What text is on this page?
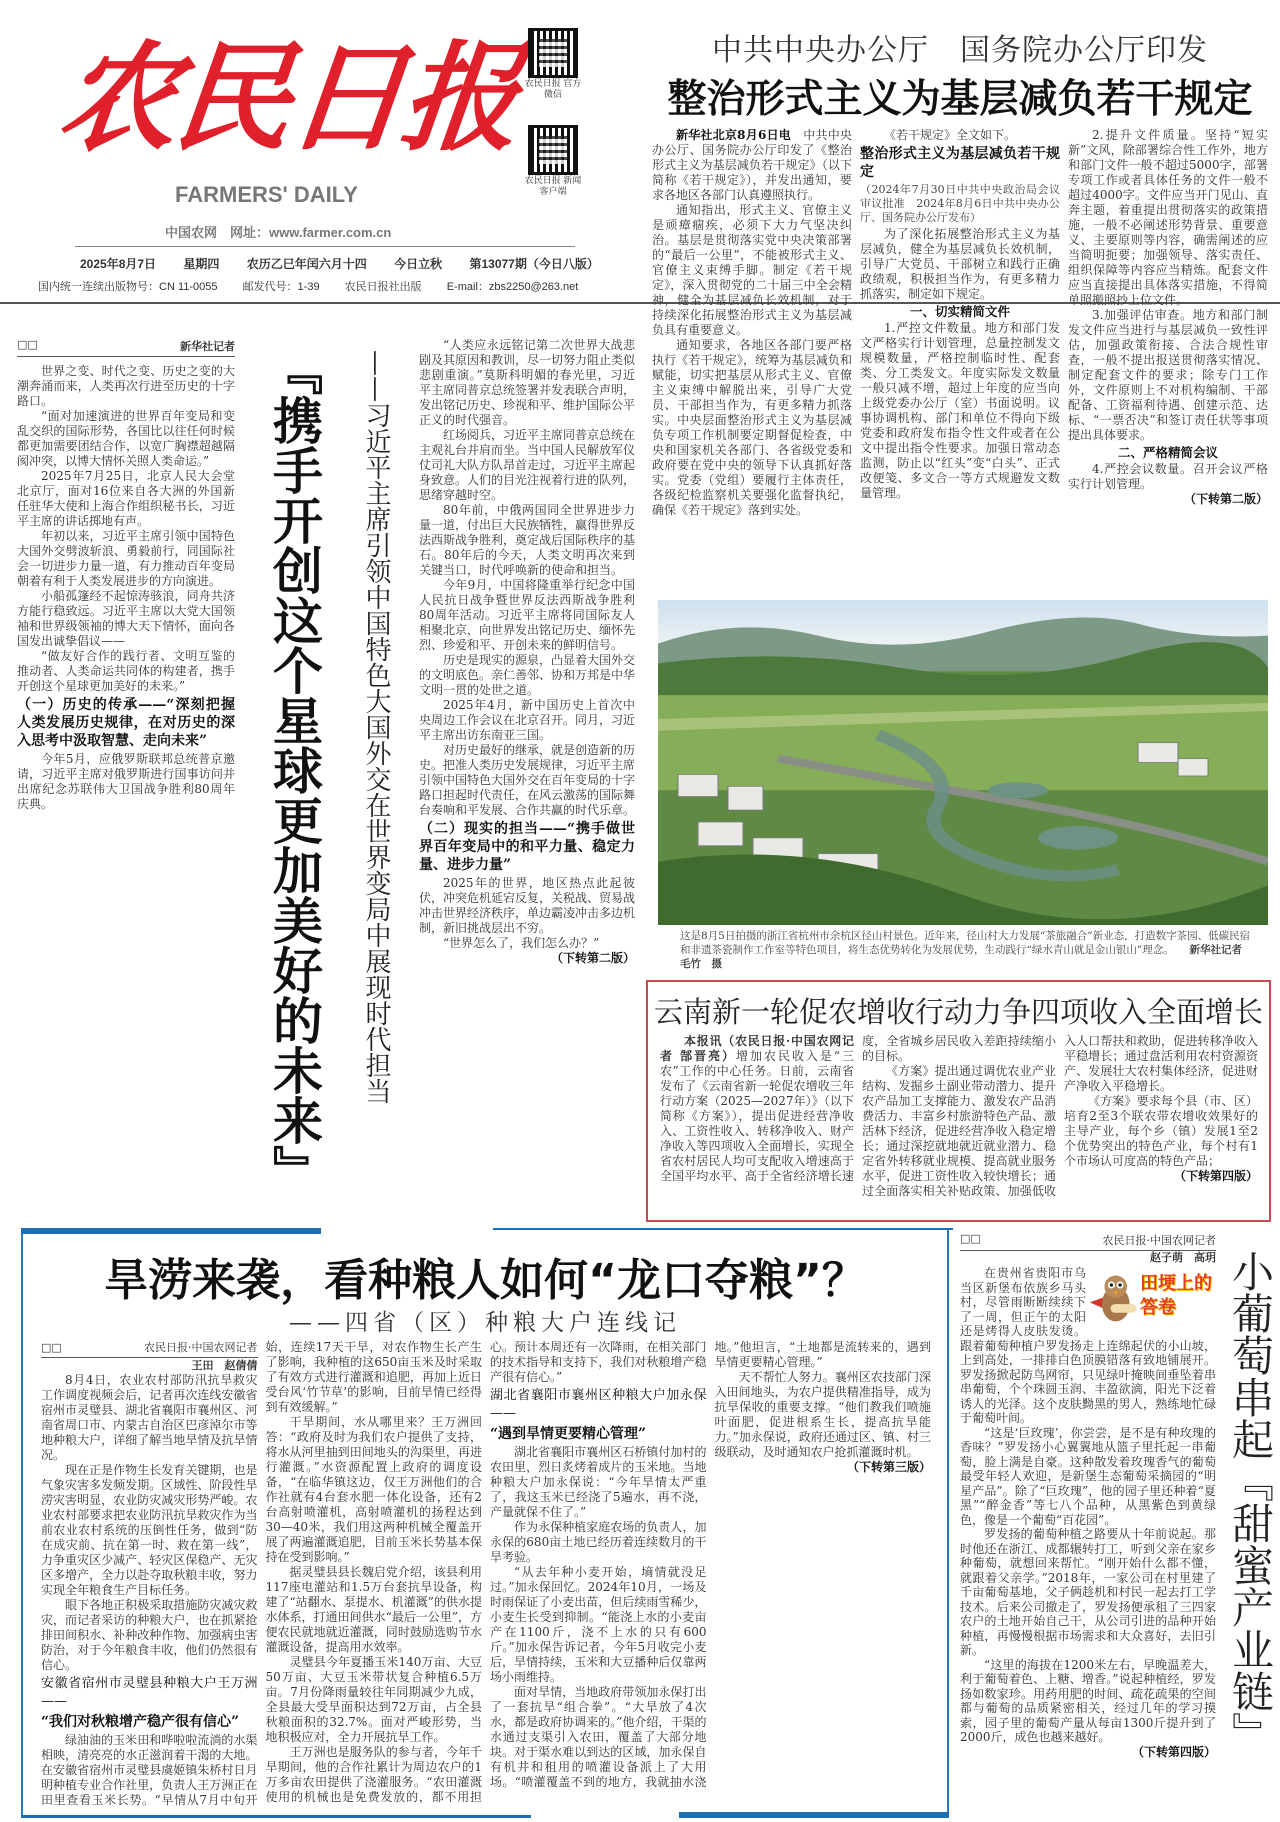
农民日报
FARMERS' DAILY
中国农网　网址：www.farmer.com.cn
农民日报 官方微信
农民日报 新闻客户端
2025年8月7日　 星期四　 农历乙巳年闰六月十四　 今日立秋　 第13077期（今日八版）
国内统一连续出版物号：CN 11-0055 邮发代号：1-39 农民日报社出版 E-mail：zbs2250@263.net
中共中央办公厅　国务院办公厅印发
整治形式主义为基层减负若干规定

新华社北京8月6日电　 中共中央办公厅、国务院办公厅印发了《整治形式主义为基层减负若干规定》（以下简称《若干规定》），并发出通知，要求各地区各部门认真遵照执行。

通知指出，形式主义、官僚主义是顽瘴痼疾，必须下大力气坚决纠治。基层是贯彻落实党中央决策部署的“最后一公里”，不能被形式主义、官僚主义束缚手脚。制定《若干规定》，深入贯彻党的二十届三中全会精神，健全为基层减负长效机制，对于持续深化拓展整治形式主义为基层减负具有重要意义。

通知要求，各地区各部门要严格执行《若干规定》，统筹为基层减负和赋能，切实把基层从形式主义、官僚主义束缚中解脱出来，引导广大党员、干部担当作为，有更多精力抓落实。中央层面整治形式主义为基层减负专项工作机制要定期督促检查，中央和国家机关各部门、各省级党委和政府要在党中央的领导下认真抓好落实。党委（党组）要履行主体责任，各级纪检监察机关要强化监督执纪，确保《若干规定》落到实处。

《若干规定》全文如下。

整治形式主义为基层减负若干规定

（2024年7月30日中共中央政治局会议审议批准　2024年8月6日中共中央办公厅、国务院办公厅发布）

为了深化拓展整治形式主义为基层减负，健全为基层减负长效机制，引导广大党员、干部树立和践行正确政绩观，积极担当作为，有更多精力抓落实，制定如下规定。

一、切实精简文件

1.严控文件数量。地方和部门发文严格实行计划管理，总量控制发文规模数量，严格控制临时性、配套类、分工类发文。年度实际发文数量一般只减不增，超过上年度的应当向上级党委办公厅（室）书面说明。议事协调机构、部门和单位不得向下级党委和政府发布指令性文件或者在公文中提出指令性要求。加强日常动态监测，防止以“红头”变“白头”、正式改便笺、多文合一等方式规避发文数量管理。

2.提升文件质量。坚持“短实新”文风，除部署综合性工作外，地方和部门文件一般不超过5000字，部署专项工作或者具体任务的文件一般不超过4000字。文件应当开门见山、直奔主题，着重提出贯彻落实的政策措施，一般不必阐述形势背景、重要意义、主要原则等内容，确需阐述的应当简明扼要；加强领导、落实责任、组织保障等内容应当精炼。配套文件应当直接提出具体落实措施，不得简单照搬照抄上位文件。

3.加强评估审查。地方和部门制发文件应当进行与基层减负一致性评估，加强政策衔接、合法合规性审查，一般不提出报送贯彻落实情况、制定配套文件的要求；除专门工作外，文件原则上不对机构编制、干部配备、工资福利待遇、创建示范、达标、“一票否决”和签订责任状等事项提出具体要求。

二、严格精简会议

4.严控会议数量。召开会议严格实行计划管理。

（下转第二版）

□□	新华社记者

世界之变、时代之变、历史之变的大潮奔涌而来，人类再次行进至历史的十字路口。

“面对加速演进的世界百年变局和变乱交织的国际形势，各国比以往任何时候都更加需要团结合作，以宽广胸襟超越隔阂冲突，以博大情怀关照人类命运。”

2025年7月25日，北京人民大会堂北京厅，面对16位来自各大洲的外国新任驻华大使和上海合作组织秘书长，习近平主席的讲话掷地有声。

年初以来，习近平主席引领中国特色大国外交劈波斩浪、勇毅前行，同国际社会一切进步力量一道，有力推动百年变局朝着有利于人类发展进步的方向演进。

小船孤篷经不起惊涛骇浪，同舟共济方能行稳致远。习近平主席以大党大国领袖和世界级领袖的博大天下情怀，面向各国发出诚挚倡议——

“做友好合作的践行者、文明互鉴的推动者、人类命运共同体的构建者，携手开创这个星球更加美好的未来。”

（一）历史的传承——“深刻把握人类发展历史规律，在对历史的深入思考中汲取智慧、走向未来”

今年5月，应俄罗斯联邦总统普京邀请，习近平主席对俄罗斯进行国事访问并出席纪念苏联伟大卫国战争胜利80周年庆典。	『携手开创这个星球更加美好的未来』 ——习近平主席引领中国特色大国外交在世界变局中展现时代担当

“人类应永远铭记第二次世界大战悲剧及其原因和教训，尽一切努力阻止类似悲剧重演。”莫斯科明媚的春光里，习近平主席同普京总统签署并发表联合声明，发出铭记历史、珍视和平、维护国际公平正义的时代强音。

红场阅兵，习近平主席同普京总统在主观礼台并肩而坐。当中国人民解放军仪仗司礼大队方队昂首走过，习近平主席起身致意。人们的目光注视着行进的队列，思绪穿越时空。

80年前，中俄两国同全世界进步力量一道，付出巨大民族牺牲，赢得世界反法西斯战争胜利，奠定战后国际秩序的基石。80年后的今天，人类文明再次来到关键当口，时代呼唤新的使命和担当。

今年9月，中国将隆重举行纪念中国人民抗日战争暨世界反法西斯战争胜利80周年活动。习近平主席将同国际友人相聚北京，向世界发出铭记历史、缅怀先烈、珍爱和平、开创未来的鲜明信号。

历史是现实的源泉，凸显着大国外交的文明底色。亲仁善邻、协和万邦是中华文明一贯的处世之道。

2025年4月，新中国历史上首次中央周边工作会议在北京召开。同月，习近平主席出访东南亚三国。

对历史最好的继承，就是创造新的历史。把准人类历史发展规律，习近平主席引领中国特色大国外交在百年变局的十字路口担起时代责任，在风云激荡的国际舞台奏响和平发展、合作共赢的时代乐章。

（二）现实的担当——“携手做世界百年变局中的和平力量、稳定力量、进步力量”

2025年的世界，地区热点此起彼伏，冲突危机延宕反复，关税战、贸易战冲击世界经济秩序，单边霸凌冲击多边机制，新旧挑战层出不穷。

“世界怎么了，我们怎么办？”

（下转第二版）

这是8月5日拍摄的浙江省杭州市余杭区径山村景色。近年来，径山村大力发展“茶旅融合”新业态，打造数字茶园、低碳民宿和非遗茶瓷制作工作室等特色项目，将生态优势转化为发展优势，生动践行“绿水青山就是金山银山”理念。　　 新华社记者　毛竹　摄
云南新一轮促农增收行动力争四项收入全面增长

本报讯（农民日报·中国农网记者 郜晋亮）增加农民收入是“三农”工作的中心任务。日前，云南省发布了《云南省新一轮促农增收三年行动方案（2025—2027年）》（以下简称《方案》），提出促进经营净收入、工资性收入、转移净收入、财产净收入等四项收入全面增长，实现全省农村居民人均可支配收入增速高于全国平均水平、高于全省经济增长速度，全省城乡居民收入差距持续缩小的目标。

《方案》提出通过调优农业产业结构、发掘乡土副业带动潜力、提升农产品加工支撑能力、激发农产品消费活力、丰富乡村旅游特色产品、激活林下经济，促进经营净收入稳定增长；通过深挖就地就近就业潜力、稳定省外转移就业规模、提高就业服务水平，促进工资性收入较快增长；通过全面落实相关补贴政策、加强低收入人口帮扶和救助，促进转移净收入平稳增长；通过盘活利用农村资源资产、发展壮大农村集体经济，促进财产净收入平稳增长。

《方案》要求每个县（市、区）培育2至3个联农带农增收效果好的主导产业，每个乡（镇）发展1至2个优势突出的特色产业，每个村有1个市场认可度高的特色产品；

（下转第四版）

旱涝来袭，看种粮人如何“龙口夺粮”？
——四省（区）种粮大户连线记
□□	农民日报·中国农网记者
王田　赵倩倩

8月4日，农业农村部防汛抗旱救灾工作调度视频会后，记者再次连线安徽省宿州市灵璧县、湖北省襄阳市襄州区、河南省周口市、内蒙古自治区巴彦淖尔市等地种粮大户，详细了解当地旱情及抗旱情况。

现在正是作物生长发育关键期，也是气象灾害多发频发期。区域性、阶段性旱涝灾害明显，农业防灾减灾形势严峻。农业农村部要求把农业防汛抗旱救灾作为当前农业农村系统的压倒性任务，做到“防在成灾前、抗在第一时、救在第一线”，力争重灾区少减产、轻灾区保稳产、无灾区多增产，全力以赴夺取秋粮丰收，努力实现全年粮食生产目标任务。

眼下各地正积极采取措施防灾减灾救灾，而记者采访的种粮大户，也在抓紧抢排田间积水、补种改种作物、加强病虫害防治，对于今年粮食丰收，他们仍然很有信心。

安徽省宿州市灵璧县种粮大户王万洲——
“我们对秋粮增产稳产很有信心”

绿油油的玉米田和哗啦啦流淌的水渠相映，清亮亮的水正滋润着干渴的大地。在安徽省宿州市灵璧县虞姬镇朱桥村日月明种植专业合作社里，负责人王万洲正在田里查看玉米长势。“早情从7月中旬开始，连续17天干旱，对农作物生长产生了影响，我种植的这650亩玉米及时采取了有效方式进行灌溉和追肥，再加上近日受台风‘竹节草’的影响，目前旱情已经得到有效缓解。”

干旱期间，水从哪里来？王万洲回答：“政府及时为我们农户提供了支持，将水从河里抽到田间地头的沟渠里，再进行灌溉。”水资源配置上政府的调度设备，“在临华镇这边，仅王万洲他们的合作社就有4台套水肥一体化设备，还有2台高射喷灌机，高射喷灌机的扬程达到30—40米，我们用这两种机械全覆盖开展了两遍灌溉追肥，目前玉米长势基本保持在受到影响。”

据灵璧县县长魏启党介绍，该县利用117座电灌站和1.5万台套抗旱设备，构建了“站翻水、泵提水、机灌溉”的供水提水体系，打通田间供水“最后一公里”，方便农民就地就近灌溉，同时鼓励选购节水灌溉设备，提高用水效率。

灵璧县今年夏播玉米140万亩、大豆50万亩、大豆玉米带状复合种植6.5万亩。7月份降雨量较往年同期减少九成，全县最大受旱面积达到72万亩，占全县秋粮面积的32.7%。面对严峻形势，当地积极应对，全力开展抗旱工作。

王万洲也是服务队的参与者，今年千旱期间，他的合作社累计为周边农户的1万多亩农田提供了浇灌服务。“农田灌溉使用的机械也是免费发放的，都不用担心。预计本周还有一次降雨，在相关部门的技术指导和支持下，我们对秋粮增产稳产很有信心。”

湖北省襄阳市襄州区种粮大户加永保——
“遇到旱情更要精心管理”

湖北省襄阳市襄州区石桥镇付加村的农田里，烈日炙烤着成片的玉米地。当地种粮大户加永保说：“今年旱情太严重了，我这玉米已经浇了5遍水，再不浇，产量就保不住了。”

作为永保种植家庭农场的负责人，加永保的680亩土地已经历着连续数月的干旱考验。

“从去年种小麦开始，墒情就没足过。”加永保回忆。2024年10月，一场及时雨保证了小麦出苗，但后续雨雪稀少，小麦生长受到抑制。“能浇上水的小麦亩产在1100斤，浇不上水的只有600斤。”加永保告诉记者，今年5月收完小麦后，旱情持续，玉米和大豆播种后仅靠两场小雨维持。

面对旱情，当地政府带领加永保打出了一套抗旱“组合拳”。“大旱放了4次水，都是政府协调来的。”他介绍，干渠的水通过支渠引入农田，覆盖了大部分地块。对于渠水难以到达的区域，加永保自有机井和租用的喷灌设备派上了大用场。“喷灌覆盖不到的地方，我就抽水浇地。”他坦言，“土地都是流转来的，遇到旱情更要精心管理。”

天不帮忙人努力。襄州区农技部门深入田间地头，为农户提供精准指导，成为抗旱保收的重要支撑。“他们教我们喷施叶面肥，促进根系生长，提高抗旱能力。”加永保说，政府还通过区、镇、村三级联动，及时通知农户抢抓灌溉时机。

（下转第三版）

□□	农民日报·中国农网记者
赵子萌　高玥
田埂上的答卷

在贵州省贵阳市乌当区新堡布依族乡马头村，尽管雨断断续续下了一周，但正午的太阳还是烤得人皮肤发烫。跟着葡萄种植户罗发扬走上连绵起伏的小山坡，上到高处，一排排白色顶膜错落有致地铺展开。罗发扬掀起防鸟网帘，只见绿叶掩映间垂坠着串串葡萄，个个珠圆玉润、丰盈欲滴，阳光下泛着诱人的光泽。这个皮肤黝黑的男人，熟练地忙碌于葡萄叶间。

“这是‘巨玫瑰’，你尝尝，是不是有种玫瑰的香味？”罗发扬小心翼翼地从篮子里托起一串葡萄，脸上满是自豪。这种散发着玫瑰香气的葡萄最受年轻人欢迎，是新堡生态葡萄采摘园的“明星产品”。除了“巨玫瑰”，他的园子里还种着“夏黑”“醉金香”等七八个品种，从黑紫色到黄绿色，像是一个葡萄“百花园”。

罗发扬的葡萄种植之路要从十年前说起。那时他还在浙江、成都辗转打工，听到父亲在家乡种葡萄，就想回来帮忙。“刚开始什么都不懂，就跟着父亲学。”2018年，一家公司在村里建了千亩葡萄基地，父子俩趁机和村民一起去打工学技术。后来公司撤走了，罗发扬便承租了三四家农户的土地开始自己干，从公司引进的品种开始种植，再慢慢根据市场需求和大众喜好，去旧引新。

“这里的海拔在1200米左右，早晚温差大，利于葡萄着色、上糖、增香。”说起种植经，罗发扬如数家珍。用药用肥的时间、疏花疏果的空间都与葡萄的品质紧密相关，经过几年的学习摸索，园子里的葡萄产量从每亩1300斤提升到了2000斤，成色也越来越好。

（下转第四版） 小葡萄串起『甜蜜产业链』
